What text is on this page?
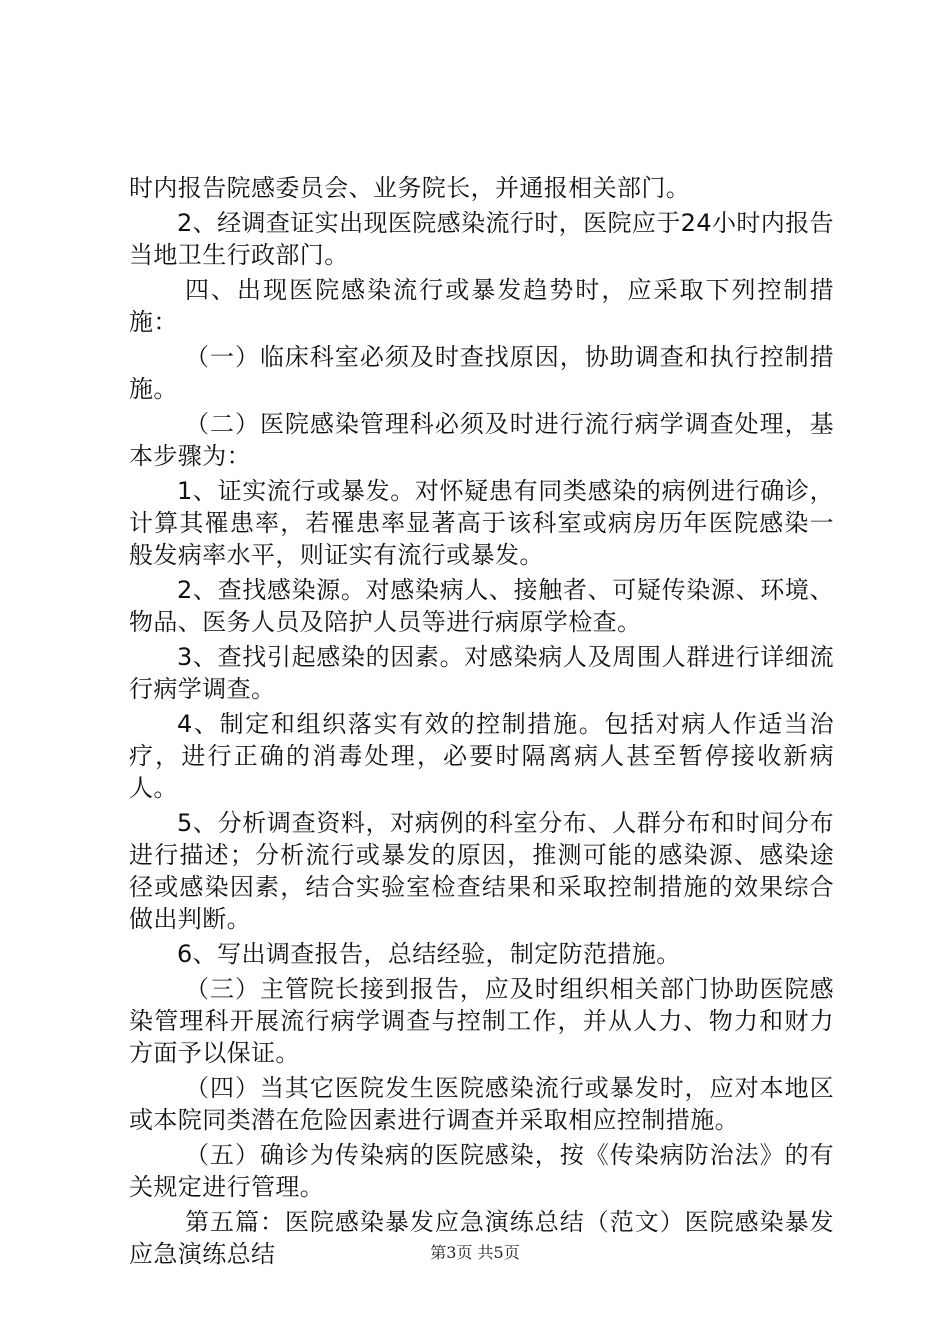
时内报告院感委员会、业务院长，并通报相关部门。

2、经调查证实出现医院感染流行时，医院应于24小时内报告当地卫生行政部门。

四、出现医院感染流行或暴发趋势时，应采取下列控制措施：

（一）临床科室必须及时查找原因，协助调查和执行控制措施。

（二）医院感染管理科必须及时进行流行病学调查处理，基本步骤为：

1、证实流行或暴发。对怀疑患有同类感染的病例进行确诊，计算其罹患率，若罹患率显著高于该科室或病房历年医院感染一般发病率水平，则证实有流行或暴发。

2、查找感染源。对感染病人、接触者、可疑传染源、环境、物品、医务人员及陪护人员等进行病原学检查。

3、查找引起感染的因素。对感染病人及周围人群进行详细流行病学调查。

4、制定和组织落实有效的控制措施。包括对病人作适当治疗，进行正确的消毒处理，必要时隔离病人甚至暂停接收新病人。

5、分析调查资料，对病例的科室分布、人群分布和时间分布进行描述；分析流行或暴发的原因，推测可能的感染源、感染途径或感染因素，结合实验室检查结果和采取控制措施的效果综合做出判断。

6、写出调查报告，总结经验，制定防范措施。

（三）主管院长接到报告，应及时组织相关部门协助医院感染管理科开展流行病学调查与控制工作，并从人力、物力和财力方面予以保证。

（四）当其它医院发生医院感染流行或暴发时，应对本地区或本院同类潜在危险因素进行调查并采取相应控制措施。

（五）确诊为传染病的医院感染，按《传染病防治法》的有关规定进行管理。

第五篇：医院感染暴发应急演练总结（范文）医院感染暴发应急演练总结	第3页 共5页
